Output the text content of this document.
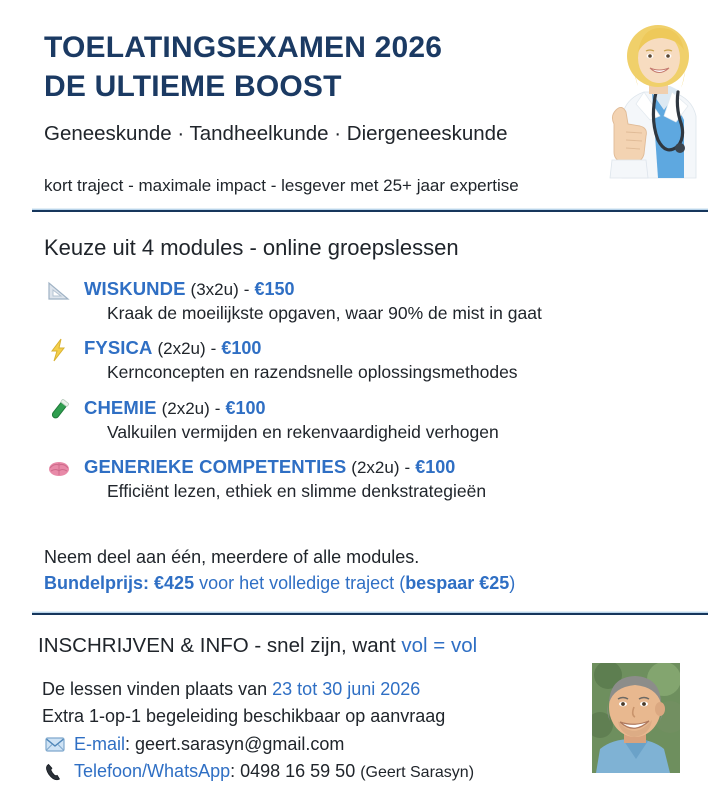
TOELATINGSEXAMEN 2026
DE ULTIEME BOOST
Geneeskunde · Tandheelkunde · Diergeneeskunde
kort traject - maximale impact - lesgever met 25+ jaar expertise
Keuze uit 4 modules - online groepslessen
WISKUNDE (3x2u) - €150
Kraak de moeilijkste opgaven, waar 90% de mist in gaat
FYSICA (2x2u) - €100
Kernconcepten en razendsnelle oplossingsmethodes
CHEMIE (2x2u) - €100
Valkuilen vermijden en rekenvaardigheid verhogen
GENERIEKE COMPETENTIES (2x2u) - €100
Efficiënt lezen, ethiek en slimme denkstrategieën
Neem deel aan één, meerdere of alle modules.
Bundelprijs: €425 voor het volledige traject (bespaar €25)
INSCHRIJVEN & INFO - snel zijn, want vol = vol
De lessen vinden plaats van 23 tot 30 juni 2026
Extra 1-op-1 begeleiding beschikbaar op aanvraag
E-mail: geert.sarasyn@gmail.com
Telefoon/WhatsApp: 0498 16 59 50 (Geert Sarasyn)
